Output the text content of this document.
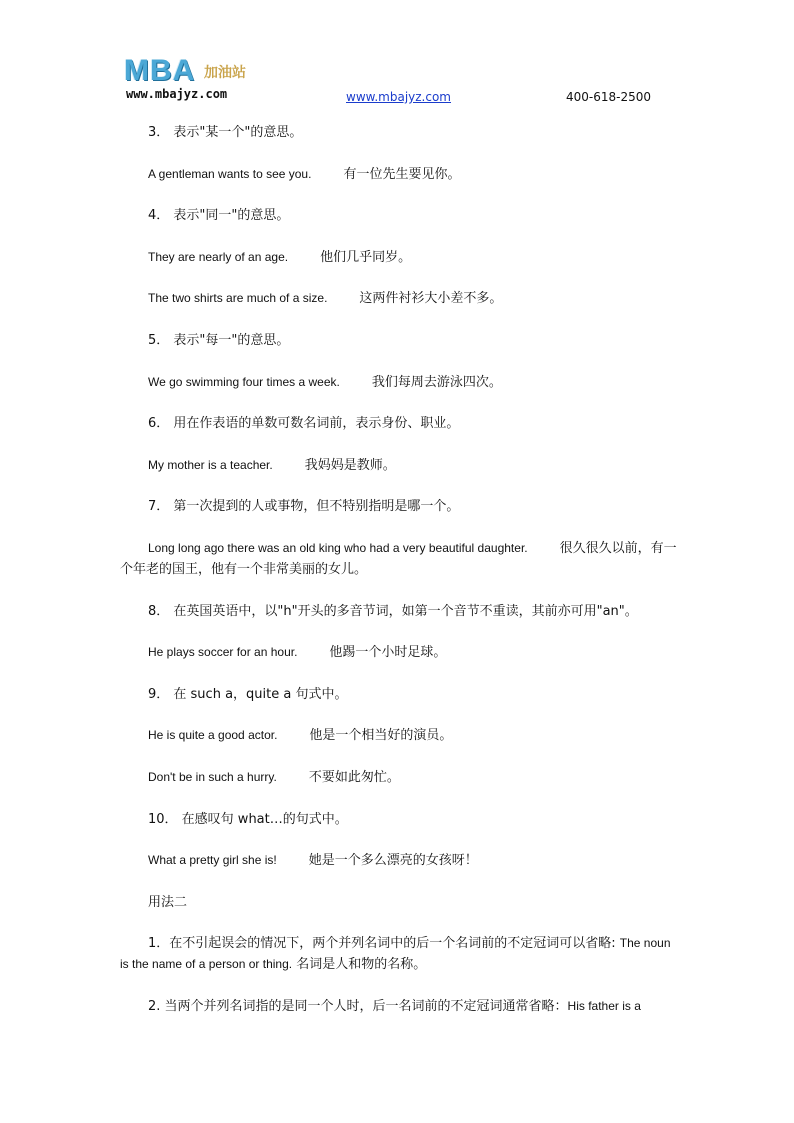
MBA 加油站
www.mbajyz.com	www.mbajyz.com	400-618-2500

3． 表示"某一个"的意思。

A gentleman wants to see you. 有一位先生要见你。

4． 表示"同一"的意思。

They are nearly of an age. 他们几乎同岁。

The two shirts are much of a size. 这两件衬衫大小差不多。

5． 表示"每一"的意思。

We go swimming four times a week. 我们每周去游泳四次。

6． 用在作表语的单数可数名词前，表示身份、职业。

My mother is a teacher. 我妈妈是教师。

7． 第一次提到的人或事物，但不特别指明是哪一个。

Long long ago there was an old king who had a very beautiful daughter. 很久很久以前，有一个年老的国王，他有一个非常美丽的女儿。

8． 在英国英语中，以"h"开头的多音节词，如第一个音节不重读，其前亦可用"an"。

He plays soccer for an hour. 他踢一个小时足球。

9． 在 such a，quite a 句式中。

He is quite a good actor. 他是一个相当好的演员。

Don't be in such a hurry. 不要如此匆忙。

10． 在感叹句 what…的句式中。

What a pretty girl she is! 她是一个多么漂亮的女孩呀！

用法二

1．在不引起误会的情况下，两个并列名词中的后一个名词前的不定冠词可以省略: The noun is the name of a person or thing. 名词是人和物的名称。

2. 当两个并列名词指的是同一个人时，后一名词前的不定冠词通常省略：His father is a
